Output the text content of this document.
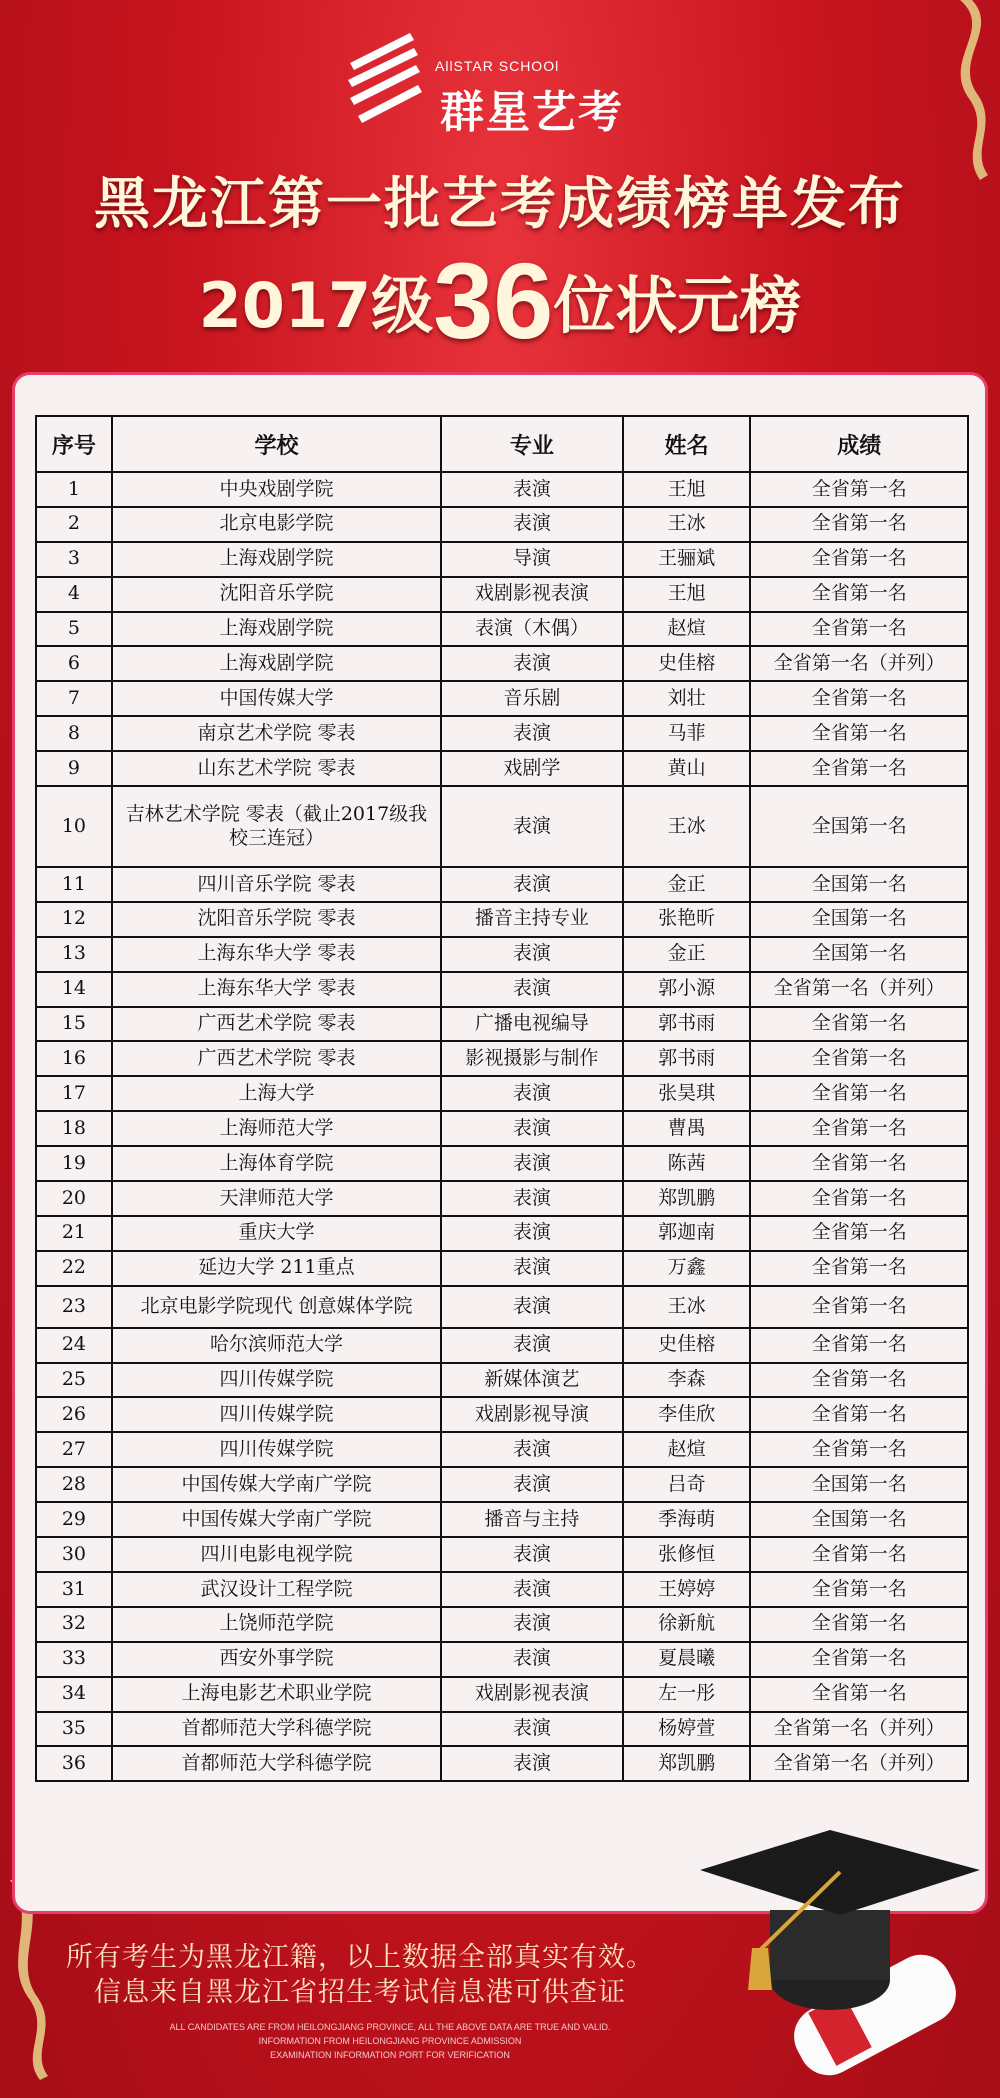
AllSTAR SCHOOl
群星艺考
黑龙江第一批艺考成绩榜单发布
2017级36位状元榜
序号	学校	专业	姓名	成绩
1	中央戏剧学院	表演	王旭	全省第一名
2	北京电影学院	表演	王冰	全省第一名
3	上海戏剧学院	导演	王骊斌	全省第一名
4	沈阳音乐学院	戏剧影视表演	王旭	全省第一名
5	上海戏剧学院	表演（木偶）	赵煊	全省第一名
6	上海戏剧学院	表演	史佳榕	全省第一名（并列）
7	中国传媒大学	音乐剧	刘壮	全省第一名
8	南京艺术学院 零表	表演	马菲	全省第一名
9	山东艺术学院 零表	戏剧学	黄山	全省第一名
10	吉林艺术学院 零表（截止2017级我校三连冠）	表演	王冰	全国第一名
11	四川音乐学院 零表	表演	金正	全国第一名
12	沈阳音乐学院 零表	播音主持专业	张艳昕	全国第一名
13	上海东华大学 零表	表演	金正	全国第一名
14	上海东华大学 零表	表演	郭小源	全省第一名（并列）
15	广西艺术学院 零表	广播电视编导	郭书雨	全省第一名
16	广西艺术学院 零表	影视摄影与制作	郭书雨	全省第一名
17	上海大学	表演	张昊琪	全省第一名
18	上海师范大学	表演	曹禺	全省第一名
19	上海体育学院	表演	陈茜	全省第一名
20	天津师范大学	表演	郑凯鹏	全省第一名
21	重庆大学	表演	郭迦南	全省第一名
22	延边大学 211重点	表演	万鑫	全省第一名
23	北京电影学院现代 创意媒体学院	表演	王冰	全省第一名
24	哈尔滨师范大学	表演	史佳榕	全省第一名
25	四川传媒学院	新媒体演艺	李森	全省第一名
26	四川传媒学院	戏剧影视导演	李佳欣	全省第一名
27	四川传媒学院	表演	赵煊	全省第一名
28	中国传媒大学南广学院	表演	吕奇	全国第一名
29	中国传媒大学南广学院	播音与主持	季海萌	全国第一名
30	四川电影电视学院	表演	张修恒	全省第一名
31	武汉设计工程学院	表演	王婷婷	全省第一名
32	上饶师范学院	表演	徐新航	全省第一名
33	西安外事学院	表演	夏晨曦	全省第一名
34	上海电影艺术职业学院	戏剧影视表演	左一彤	全省第一名
35	首都师范大学科德学院	表演	杨婷萱	全省第一名（并列）
36	首都师范大学科德学院	表演	郑凯鹏	全省第一名（并列）
所有考生为黑龙江籍，以上数据全部真实有效。
信息来自黑龙江省招生考试信息港可供查证
ALL CANDIDATES ARE FROM HEILONGJIANG PROVINCE, ALL THE ABOVE DATA ARE TRUE AND VALID.
INFORMATION FROM HEILONGJIANG PROVINCE ADMISSION
EXAMINATION INFORMATION PORT FOR VERIFICATION
